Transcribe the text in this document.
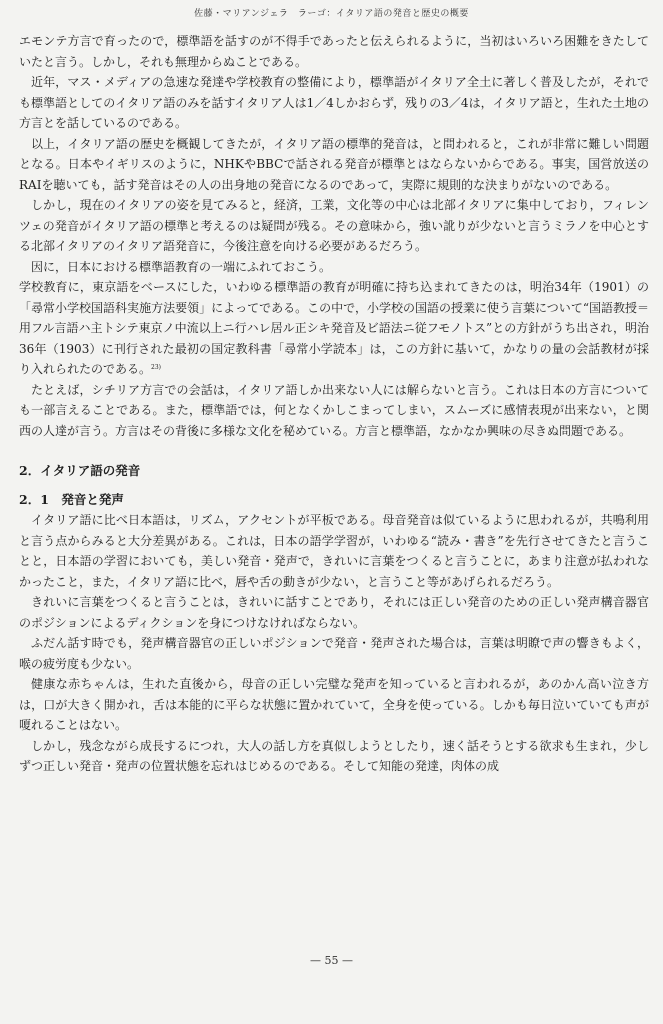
佐藤・マリアンジェラ　ラーゴ：イタリア語の発音と歴史の概要

エモンテ方言で育ったので，標準語を話すのが不得手であったと伝えられるように，当初はいろいろ困難をきたしていたと言う。しかし，それも無理からぬことである。

近年，マス・メディアの急速な発達や学校教育の整備により，標準語がイタリア全土に著しく普及したが，それでも標準語としてのイタリア語のみを話すイタリア人は1／4しかおらず，残りの3／4は，イタリア語と，生れた土地の方言とを話しているのである。

以上，イタリア語の歴史を概観してきたが，イタリア語の標準的発音は，と問われると，これが非常に難しい問題となる。日本やイギリスのように，NHKやBBCで話される発音が標準とはならないからである。事実，国営放送のRAIを聴いても，話す発音はその人の出身地の発音になるのであって，実際に規則的な決まりがないのである。

しかし，現在のイタリアの姿を見てみると，経済，工業，文化等の中心は北部イタリアに集中しており，フィレンツェの発音がイタリア語の標準と考えるのは疑問が残る。その意味から，強い訛りが少ないと言うミラノを中心とする北部イタリアのイタリア語発音に，今後注意を向ける必要があるだろう。

因に，日本における標準語教育の一端にふれておこう。

学校教育に，東京語をベースにした，いわゆる標準語の教育が明確に持ち込まれてきたのは，明治34年（1901）の「尋常小学校国語科実施方法要領」によってである。この中で，小学校の国語の授業に使う言葉について“国語教授＝用フル言語ハ主トシテ東京ノ中流以上ニ行ハレ居ル正シキ発音及ビ語法ニ従フモノトス”との方針がうち出され，明治36年（1903）に刊行された最初の国定教科書「尋常小学読本」は，この方針に基いて，かなりの量の会話教材が採り入れられたのである。$^{23)}$

たとえば，シチリア方言での会話は，イタリア語しか出来ない人には解らないと言う。これは日本の方言についても一部言えることである。また，標準語では，何となくかしこまってしまい，スムーズに感情表現が出来ない，と関西の人達が言う。方言はその背後に多様な文化を秘めている。方言と標準語，なかなか興味の尽きぬ問題である。

2．イタリア語の発音

2．1　発音と発声

イタリア語に比べ日本語は，リズム，アクセントが平板である。母音発音は似ているように思われるが，共鳴利用と言う点からみると大分差異がある。これは，日本の語学学習が，いわゆる“読み・書き”を先行させてきたと言うことと，日本語の学習においても，美しい発音・発声で，きれいに言葉をつくると言うことに，あまり注意が払われなかったこと，また，イタリア語に比べ，唇や舌の動きが少ない，と言うこと等があげられるだろう。

きれいに言葉をつくると言うことは，きれいに話すことであり，それには正しい発音のための正しい発声構音器官のポジションによるディクションを身につけなければならない。

ふだん話す時でも，発声構音器官の正しいポジションで発音・発声された場合は，言葉は明瞭で声の響きもよく，喉の疲労度も少ない。

健康な赤ちゃんは，生れた直後から，母音の正しい完璧な発声を知っていると言われるが，あのかん高い泣き方は，口が大きく開かれ，舌は本能的に平らな状態に置かれていて，全身を使っている。しかも毎日泣いていても声が嗄れることはない。

しかし，残念ながら成長するにつれ，大人の話し方を真似しようとしたり，速く話そうとする欲求も生まれ，少しずつ正しい発音・発声の位置状態を忘れはじめるのである。そして知能の発達，肉体の成

— 55 —
